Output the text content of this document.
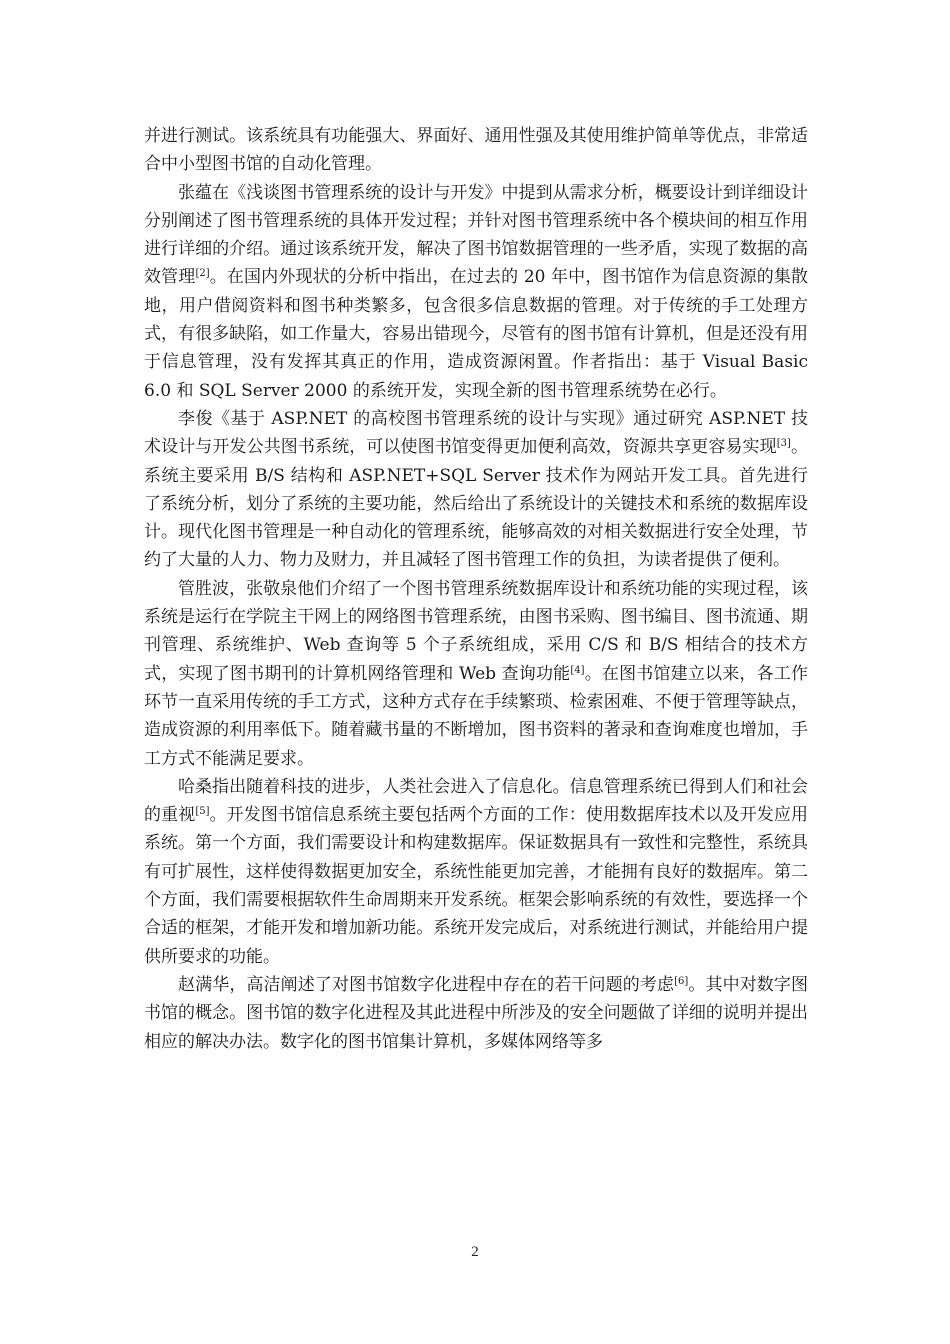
并进行测试。该系统具有功能强大、界面好、通用性强及其使用维护简单等优点，非常适合中小型图书馆的自动化管理。

张蕴在《浅谈图书管理系统的设计与开发》中提到从需求分析，概要设计到详细设计分别阐述了图书管理系统的具体开发过程；并针对图书管理系统中各个模块间的相互作用进行详细的介绍。通过该系统开发，解决了图书馆数据管理的一些矛盾，实现了数据的高效管理[2]。在国内外现状的分析中指出，在过去的 20 年中，图书馆作为信息资源的集散地，用户借阅资料和图书种类繁多，包含很多信息数据的管理。对于传统的手工处理方式，有很多缺陷，如工作量大，容易出错现今，尽管有的图书馆有计算机，但是还没有用于信息管理，没有发挥其真正的作用，造成资源闲置。作者指出：基于 Visual Basic 6.0 和 SQL Server 2000 的系统开发，实现全新的图书管理系统势在必行。

李俊《基于 ASP.NET 的高校图书管理系统的设计与实现》通过研究 ASP.NET 技术设计与开发公共图书系统，可以使图书馆变得更加便利高效，资源共享更容易实现[3]。系统主要采用 B/S 结构和 ASP.NET+SQL Server 技术作为网站开发工具。首先进行了系统分析，划分了系统的主要功能，然后给出了系统设计的关键技术和系统的数据库设计。现代化图书管理是一种自动化的管理系统，能够高效的对相关数据进行安全处理，节约了大量的人力、物力及财力，并且减轻了图书管理工作的负担，为读者提供了便利。

管胜波，张敬泉他们介绍了一个图书管理系统数据库设计和系统功能的实现过程，该系统是运行在学院主干网上的网络图书管理系统，由图书采购、图书编目、图书流通、期刊管理、系统维护、Web 查询等 5 个子系统组成，采用 C/S 和 B/S 相结合的技术方式，实现了图书期刊的计算机网络管理和 Web 查询功能[4]。在图书馆建立以来，各工作环节一直采用传统的手工方式，这种方式存在手续繁琐、检索困难、不便于管理等缺点，造成资源的利用率低下。随着藏书量的不断增加，图书资料的著录和查询难度也增加，手工方式不能满足要求。

哈桑指出随着科技的进步，人类社会进入了信息化。信息管理系统已得到人们和社会的重视[5]。开发图书馆信息系统主要包括两个方面的工作：使用数据库技术以及开发应用系统。第一个方面，我们需要设计和构建数据库。保证数据具有一致性和完整性，系统具有可扩展性，这样使得数据更加安全，系统性能更加完善，才能拥有良好的数据库。第二个方面，我们需要根据软件生命周期来开发系统。框架会影响系统的有效性，要选择一个合适的框架，才能开发和增加新功能。系统开发完成后，对系统进行测试，并能给用户提供所要求的功能。

赵满华，高洁阐述了对图书馆数字化进程中存在的若干问题的考虑[6]。其中对数字图书馆的概念。图书馆的数字化进程及其此进程中所涉及的安全问题做了详细的说明并提出相应的解决办法。数字化的图书馆集计算机，多媒体网络等多

2
